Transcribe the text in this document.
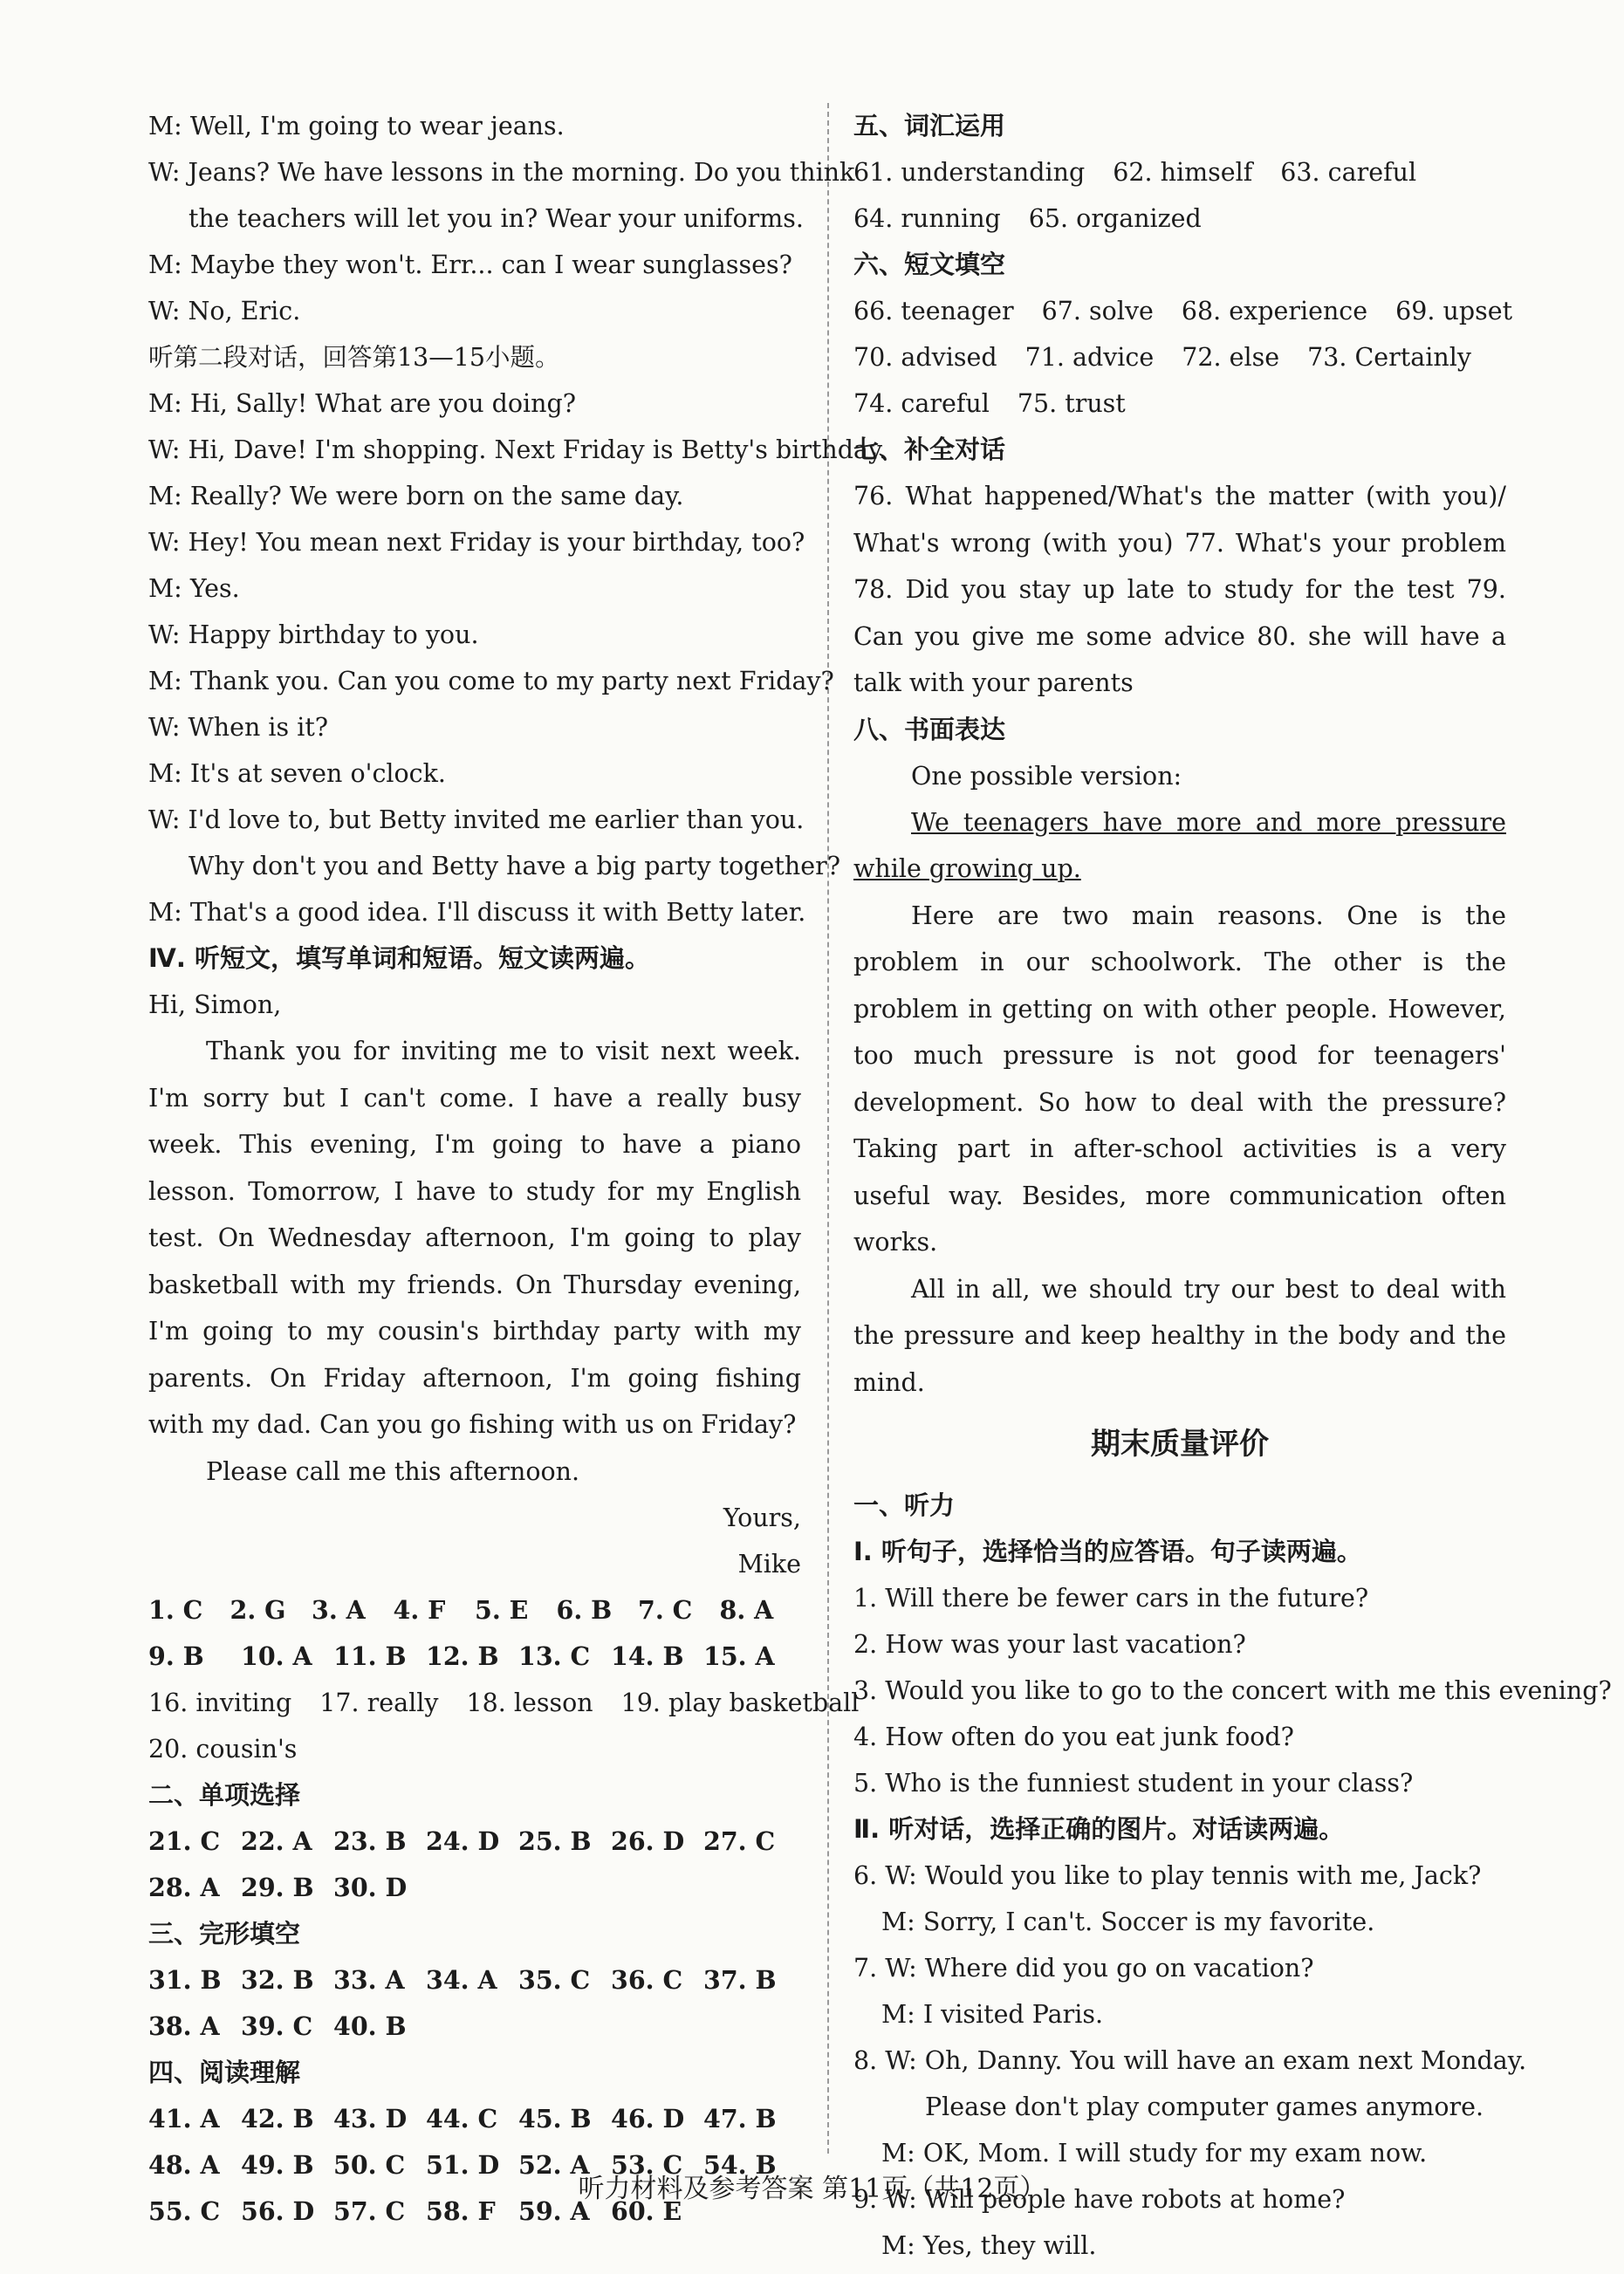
M: Well, I'm going to wear jeans.
W: Jeans? We have lessons in the morning. Do you think
the teachers will let you in? Wear your uniforms.
M: Maybe they won't. Err... can I wear sunglasses?
W: No, Eric.
听第二段对话，回答第13—15小题。
M: Hi, Sally! What are you doing?
W: Hi, Dave! I'm shopping. Next Friday is Betty's birthday.
M: Really? We were born on the same day.
W: Hey! You mean next Friday is your birthday, too?
M: Yes.
W: Happy birthday to you.
M: Thank you. Can you come to my party next Friday?
W: When is it?
M: It's at seven o'clock.
W: I'd love to, but Betty invited me earlier than you.
Why don't you and Betty have a big party together?
M: That's a good idea. I'll discuss it with Betty later.
Ⅳ. 听短文，填写单词和短语。短文读两遍。
Hi, Simon,
Thank you for inviting me to visit next week. I'm sorry but I can't come. I have a really busy week. This evening, I'm going to have a piano lesson. Tomorrow, I have to study for my English test. On Wednesday afternoon, I'm going to play basketball with my friends. On Thursday evening, I'm going to my cousin's birthday party with my parents. On Friday afternoon, I'm going fishing with my dad. Can you go fishing with us on Friday?
Please call me this afternoon.
Yours,
Mike
1. C	2. G	3. A	4. F	5. E	6. B	7. C	8. A
9. B	10. A 11. B 12. B 13. C 14. B 15. A
16. inviting 17. really 18. lesson 19. play basketball
20. cousin's
二、单项选择
21. C 22. A 23. B 24. D 25. B 26. D 27. C
28. A 29. B 30. D
三、完形填空
31. B 32. B 33. A 34. A 35. C 36. C 37. B
38. A 39. C 40. B
四、阅读理解
41. A 42. B 43. D 44. C 45. B 46. D 47. B
48. A 49. B 50. C 51. D 52. A 53. C 54. B
55. C 56. D 57. C 58. F 59. A 60. E
五、词汇运用
61. understanding 62. himself 63. careful
64. running 65. organized
六、短文填空
66. teenager 67. solve 68. experience 69. upset
70. advised 71. advice 72. else 73. Certainly
74. careful 75. trust
七、补全对话
76. What happened/What's the matter (with you)/ What's wrong (with you) 77. What's your problem 78. Did you stay up late to study for the test 79. Can you give me some advice 80. she will have a talk with your parents
八、书面表达
One possible version:
We teenagers have more and more pressure while growing up.
Here are two main reasons. One is the problem in our schoolwork. The other is the problem in getting on with other people. However, too much pressure is not good for teenagers' development. So how to deal with the pressure? Taking part in after-school activities is a very useful way. Besides, more communication often works.
All in all, we should try our best to deal with the pressure and keep healthy in the body and the mind.
期末质量评价
一、听力
Ⅰ. 听句子，选择恰当的应答语。句子读两遍。
1. Will there be fewer cars in the future?
2. How was your last vacation?
3. Would you like to go to the concert with me this evening?
4. How often do you eat junk food?
5. Who is the funniest student in your class?
Ⅱ. 听对话，选择正确的图片。对话读两遍。
6. W: Would you like to play tennis with me, Jack?
M: Sorry, I can't. Soccer is my favorite.
7. W: Where did you go on vacation?
M: I visited Paris.
8. W: Oh, Danny. You will have an exam next Monday.
Please don't play computer games anymore.
M: OK, Mom. I will study for my exam now.
9. W: Will people have robots at home?
M: Yes, they will.
听力材料及参考答案 第11页（共12页）
